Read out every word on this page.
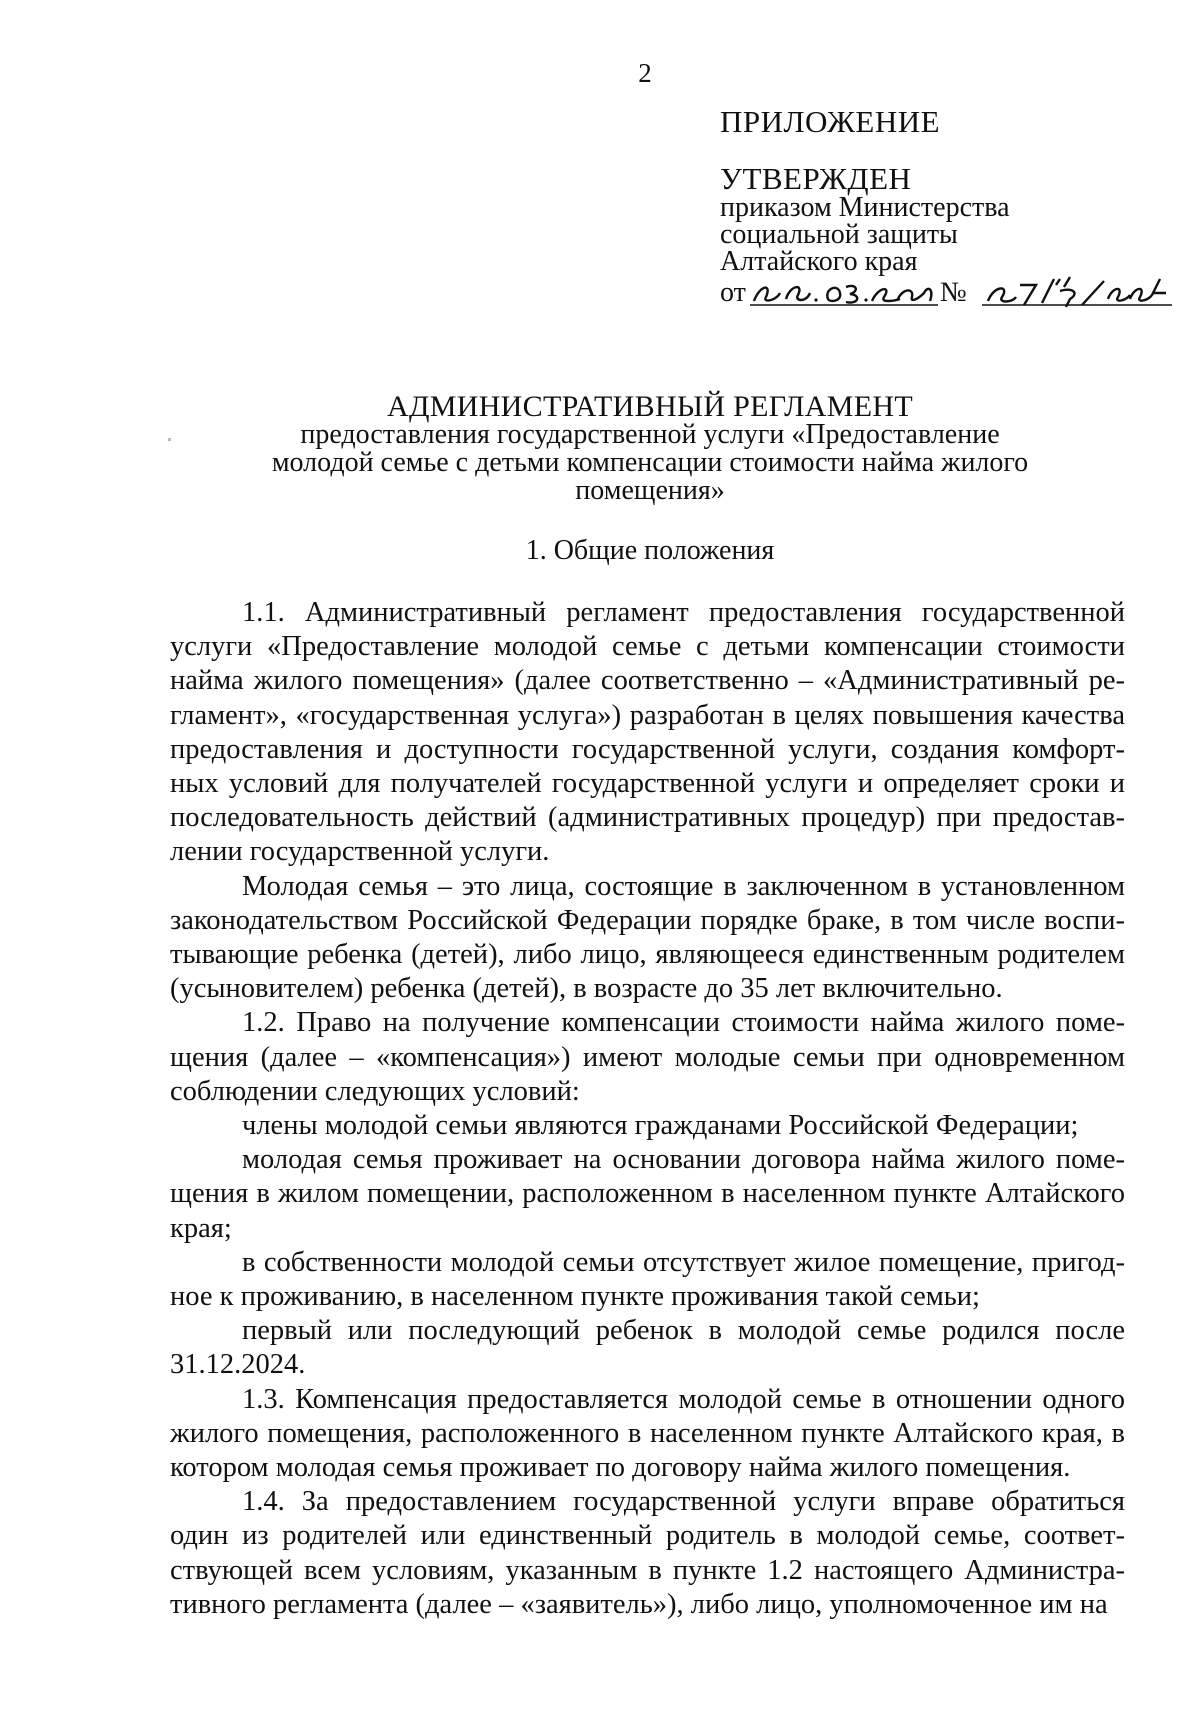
2
ПРИЛОЖЕНИЕ
УТВЕРЖДЕН
приказом Министерства
социальной защиты
Алтайского края
от	№
АДМИНИСТРАТИВНЫЙ РЕГЛАМЕНТ
предоставления государственной услуги «Предоставление
молодой семье с детьми компенсации стоимости найма жилого
помещения»
1. Общие положения

1.1. Административный регламент предоставления государственной услуги «Предоставление молодой семье с детьми компенсации стоимости найма жилого помещения» (далее соответственно – «Административный регламент», «государственная услуга») разработан в целях повышения качества предоставления и доступности государственной услуги, создания комфортных условий для получателей государственной услуги и определяет сроки и последовательность действий (административных процедур) при предоставлении государственной услуги.

Молодая семья – это лица, состоящие в заключенном в установленном законодательством Российской Федерации порядке браке, в том числе воспитывающие ребенка (детей), либо лицо, являющееся единственным родителем (усыновителем) ребенка (детей), в возрасте до 35 лет включительно.

1.2. Право на получение компенсации стоимости найма жилого помещения (далее – «компенсация») имеют молодые семьи при одновременном соблюдении следующих условий:

члены молодой семьи являются гражданами Российской Федерации;

молодая семья проживает на основании договора найма жилого помещения в жилом помещении, расположенном в населенном пункте Алтайского края;

в собственности молодой семьи отсутствует жилое помещение, пригодное к проживанию, в населенном пункте проживания такой семьи;

первый или последующий ребенок в молодой семье родился после 31.12.2024.

1.3. Компенсация предоставляется молодой семье в отношении одного жилого помещения, расположенного в населенном пункте Алтайского края, в котором молодая семья проживает по договору найма жилого помещения.

1.4. За предоставлением государственной услуги вправе обратиться один из родителей или единственный родитель в молодой семье, соответствующей всем условиям, указанным в пункте 1.2 настоящего Административного регламента (далее – «заявитель»), либо лицо, уполномоченное им на
